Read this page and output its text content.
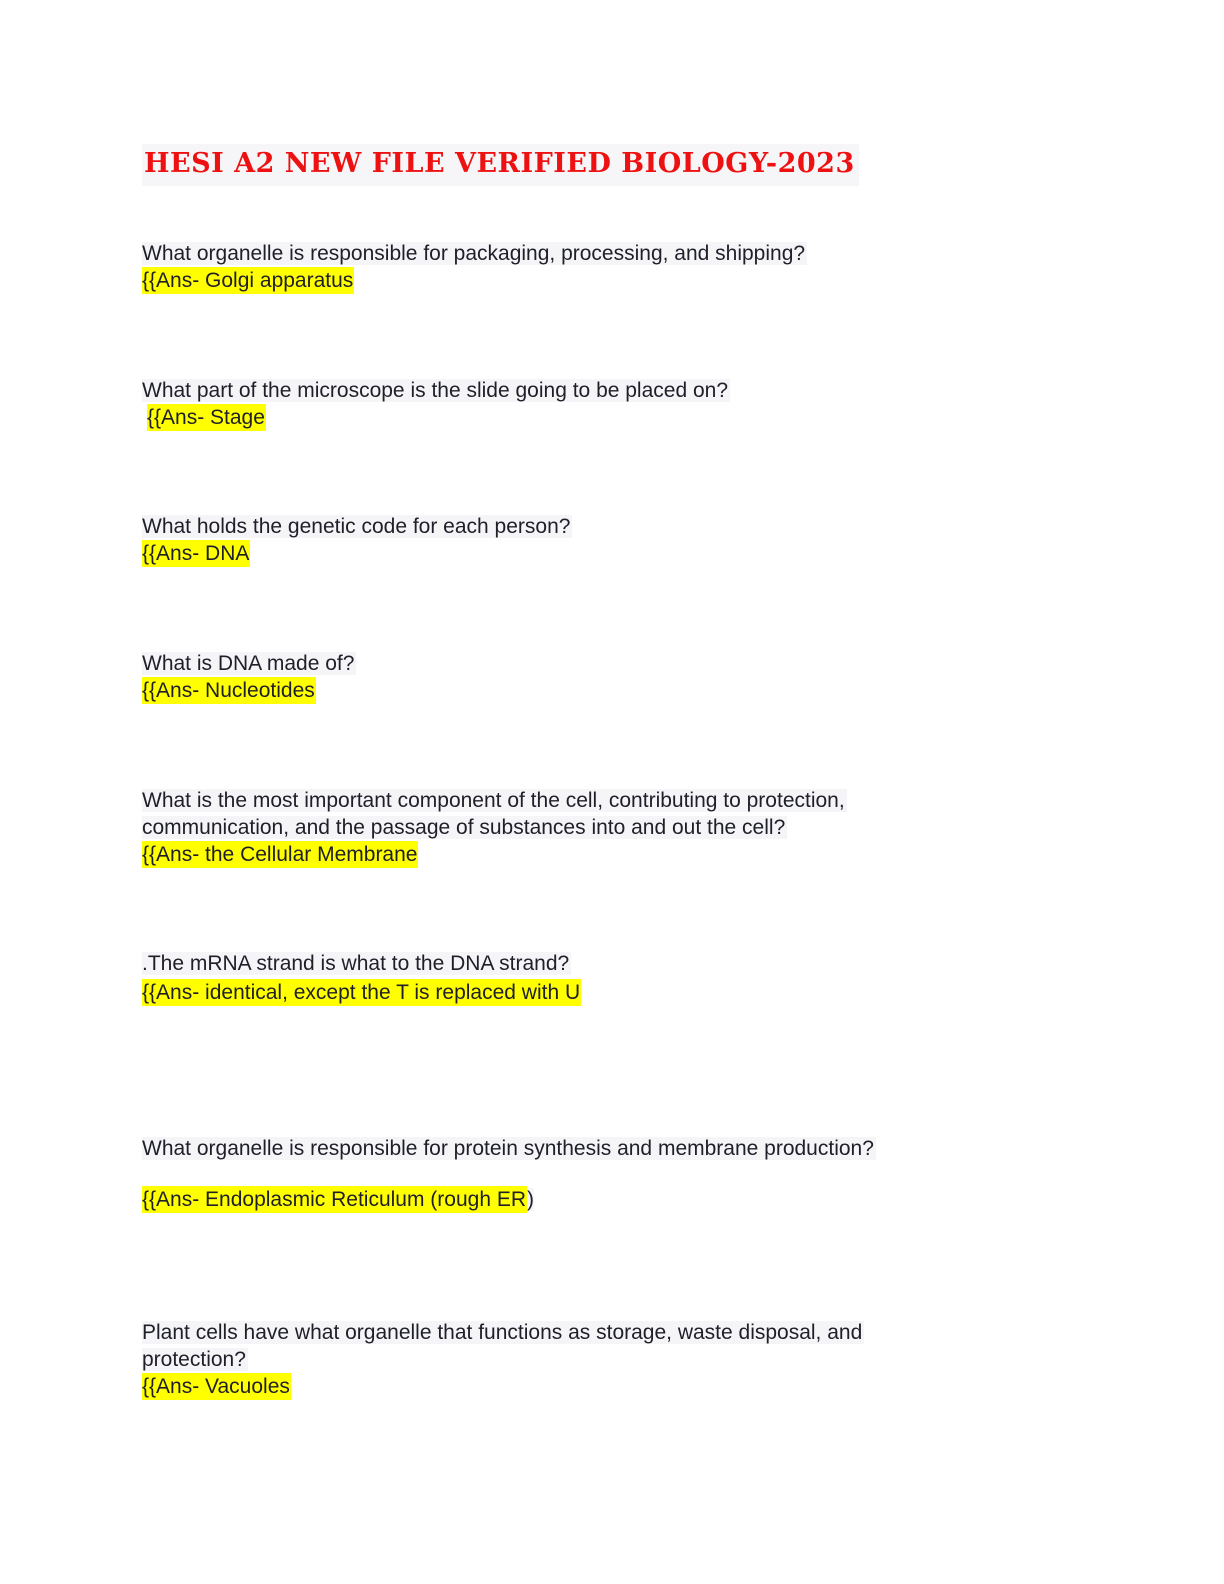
HESI A2 NEW FILE VERIFIED BIOLOGY-2023
What organelle is responsible for packaging, processing, and shipping?
{{Ans- Golgi apparatus
What part of the microscope is the slide going to be placed on?
{{Ans- Stage
What holds the genetic code for each person?
{{Ans- DNA
What is DNA made of?
{{Ans- Nucleotides
What is the most important component of the cell, contributing to protection,
communication, and the passage of substances into and out the cell?
{{Ans- the Cellular Membrane
.The mRNA strand is what to the DNA strand?
{{Ans- identical, except the T is replaced with U
What organelle is responsible for protein synthesis and membrane production?
{{Ans- Endoplasmic Reticulum (rough ER)
Plant cells have what organelle that functions as storage, waste disposal, and
protection?
{{Ans- Vacuoles
